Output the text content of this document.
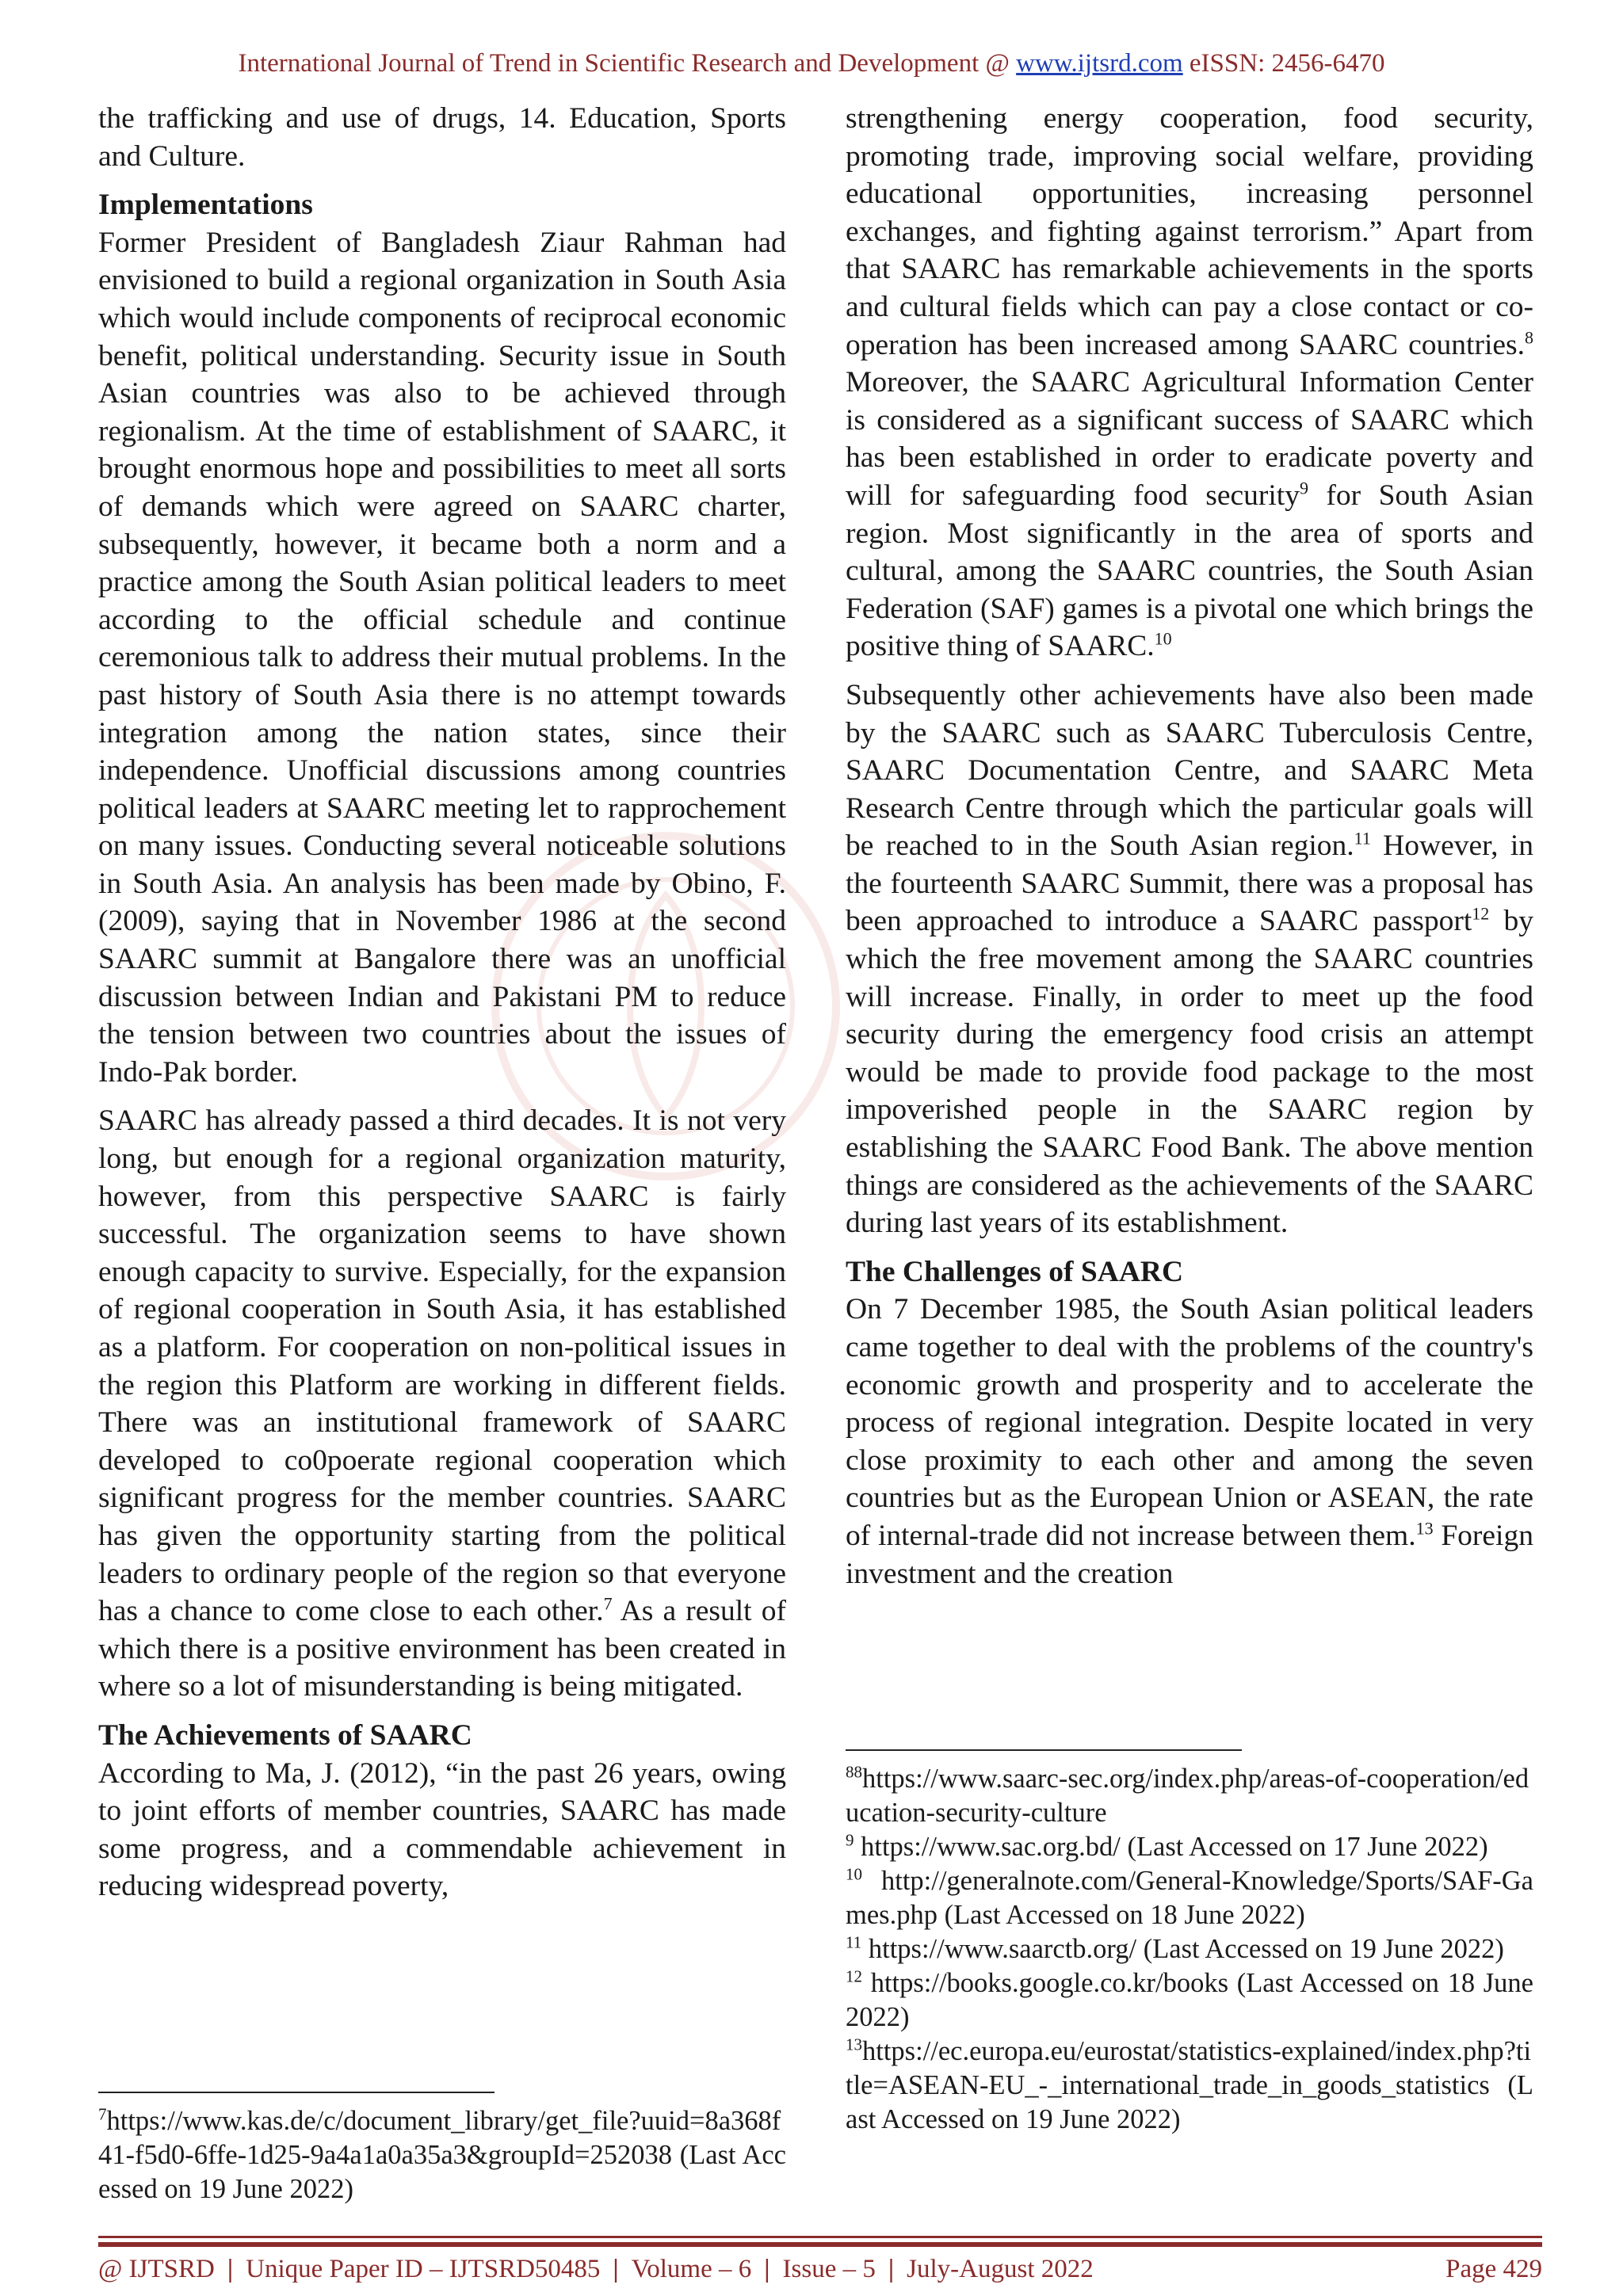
International Journal of Trend in Scientific Research and Development @ www.ijtsrd.com eISSN: 2456-6470

the trafficking and use of drugs, 14. Education, Sports and Culture.

Implementations

Former President of Bangladesh Ziaur Rahman had envisioned to build a regional organization in South Asia which would include components of reciprocal economic benefit, political understanding. Security issue in South Asian countries was also to be achieved through regionalism. At the time of establishment of SAARC, it brought enormous hope and possibilities to meet all sorts of demands which were agreed on SAARC charter, subsequently, however, it became both a norm and a practice among the South Asian political leaders to meet according to the official schedule and continue ceremonious talk to address their mutual problems. In the past history of South Asia there is no attempt towards integration among the nation states, since their independence. Unofficial discussions among countries political leaders at SAARC meeting let to rapprochement on many issues. Conducting several noticeable solutions in South Asia. An analysis has been made by Obino, F. (2009), saying that in November 1986 at the second SAARC summit at Bangalore there was an unofficial discussion between Indian and Pakistani PM to reduce the tension between two countries about the issues of Indo-Pak border.

SAARC has already passed a third decades. It is not very long, but enough for a regional organization maturity, however, from this perspective SAARC is fairly successful. The organization seems to have shown enough capacity to survive. Especially, for the expansion of regional cooperation in South Asia, it has established as a platform. For cooperation on non-political issues in the region this Platform are working in different fields. There was an institutional framework of SAARC developed to co0poerate regional cooperation which significant progress for the member countries. SAARC has given the opportunity starting from the political leaders to ordinary people of the region so that everyone has a chance to come close to each other.$^7$ As a result of which there is a positive environment has been created in where so a lot of misunderstanding is being mitigated.

The Achievements of SAARC

According to Ma, J. (2012), “in the past 26 years, owing to joint efforts of member countries, SAARC has made some progress, and a commendable achievement in reducing widespread poverty,

strengthening energy cooperation, food security, promoting trade, improving social welfare, providing educational opportunities, increasing personnel exchanges, and fighting against terrorism.” Apart from that SAARC has remarkable achievements in the sports and cultural fields which can pay a close contact or co-operation has been increased among SAARC countries.$^8$ Moreover, the SAARC Agricultural Information Center is considered as a significant success of SAARC which has been established in order to eradicate poverty and will for safeguarding food security$^9$ for South Asian region. Most significantly in the area of sports and cultural, among the SAARC countries, the South Asian Federation (SAF) games is a pivotal one which brings the positive thing of SAARC.$^{10}$

Subsequently other achievements have also been made by the SAARC such as SAARC Tuberculosis Centre, SAARC Documentation Centre, and SAARC Meta Research Centre through which the particular goals will be reached to in the South Asian region.$^{11}$ However, in the fourteenth SAARC Summit, there was a proposal has been approached to introduce a SAARC passport$^{12}$ by which the free movement among the SAARC countries will increase. Finally, in order to meet up the food security during the emergency food crisis an attempt would be made to provide food package to the most impoverished people in the SAARC region by establishing the SAARC Food Bank. The above mention things are considered as the achievements of the SAARC during last years of its establishment.

The Challenges of SAARC

On 7 December 1985, the South Asian political leaders came together to deal with the problems of the country's economic growth and prosperity and to accelerate the process of regional integration. Despite located in very close proximity to each other and among the seven countries but as the European Union or ASEAN, the rate of internal-trade did not increase between them.$^{13}$ Foreign investment and the creation

$^7$https://www.kas.de/c/document_library/get_file?uuid=8a368f41-f5d0-6ffe-1d25-9a4a1a0a35a3&groupId=252038 (Last Accessed on 19 June 2022)

$^{88}$https://www.saarc-sec.org/index.php/areas-of-cooperation/education-security-culture

$^9$ https://www.sac.org.bd/ (Last Accessed on 17 June 2022)

$^{10}$ http://generalnote.com/General-Knowledge/Sports/SAF-Games.php (Last Accessed on 18 June 2022)

$^{11}$ https://www.saarctb.org/ (Last Accessed on 19 June 2022)

$^{12}$ https://books.google.co.kr/books (Last Accessed on 18 June 2022)

$^{13}$https://ec.europa.eu/eurostat/statistics-explained/index.php?title=ASEAN-EU_-_international_trade_in_goods_statistics (Last Accessed on 19 June 2022)

@ IJTSRD | Unique Paper ID – IJTSRD50485 | Volume – 6 | Issue – 5 | July-August 2022	Page 429
